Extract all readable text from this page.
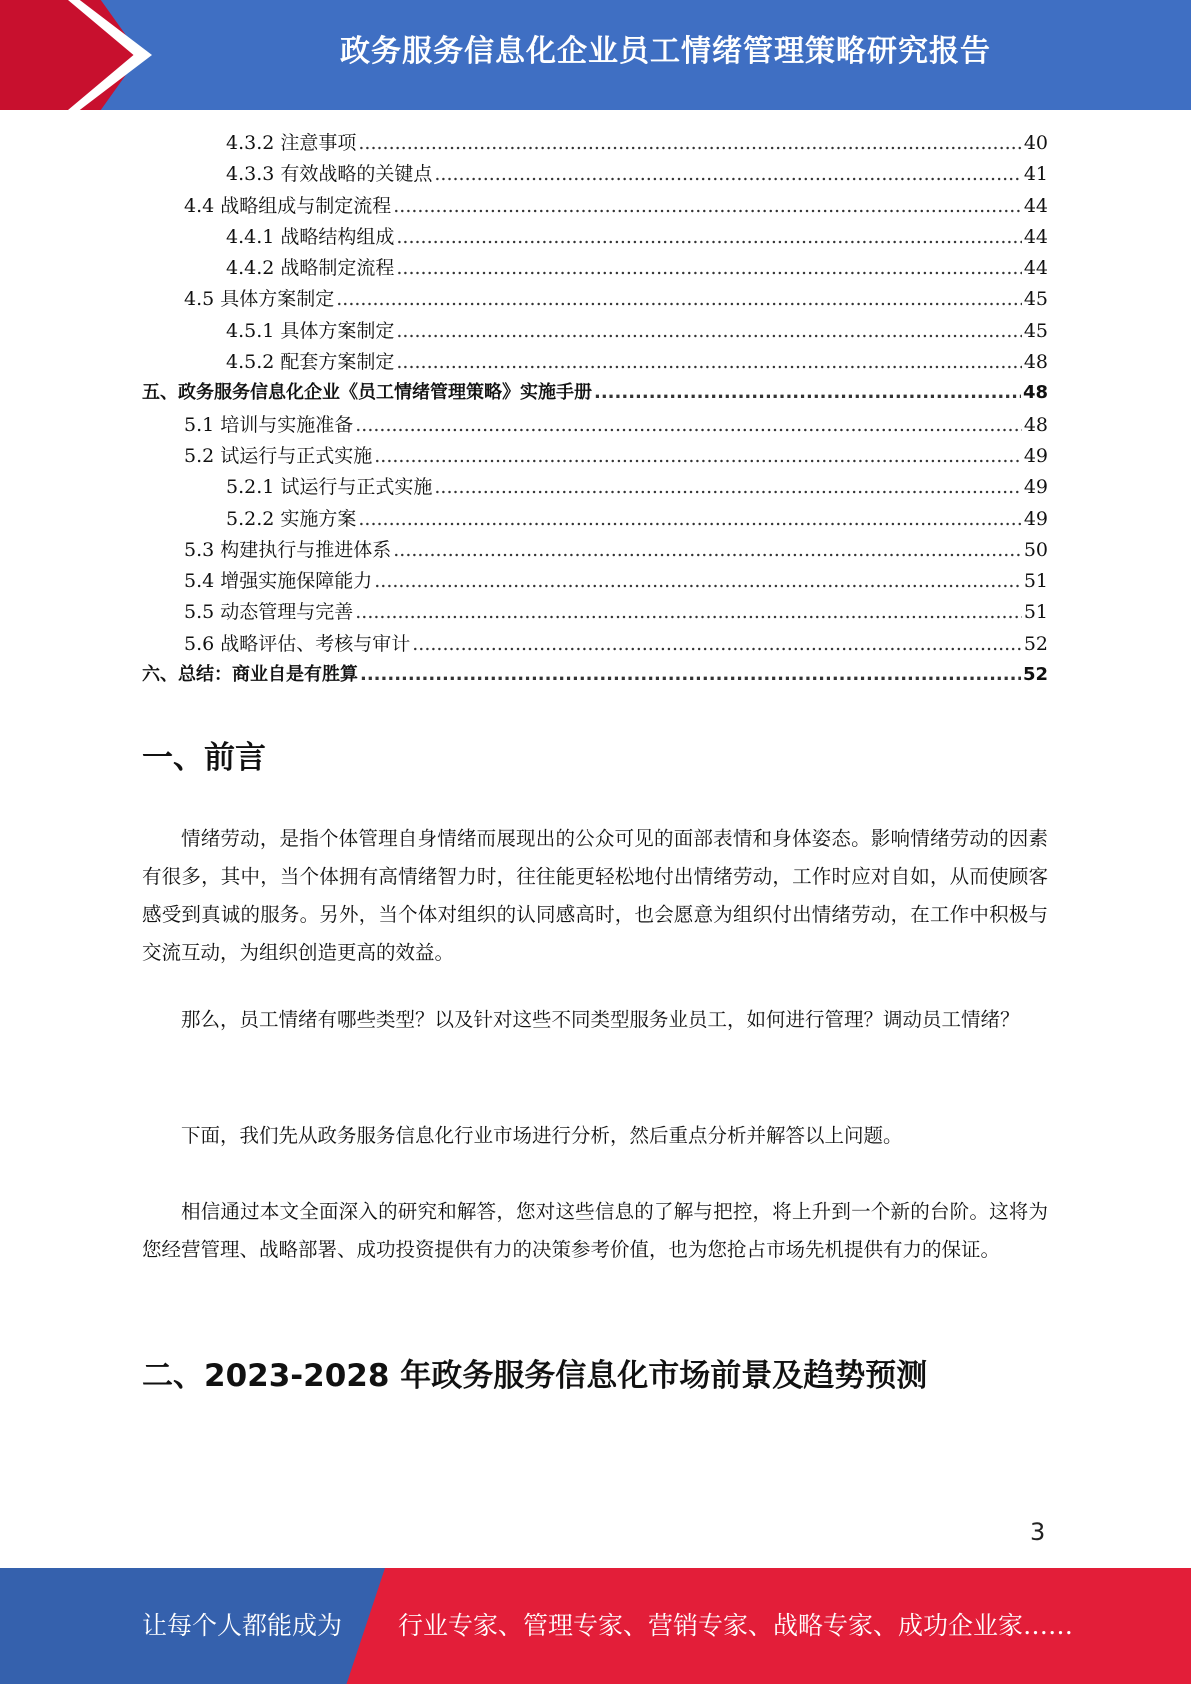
政务服务信息化企业员工情绪管理策略研究报告
4.3.2 注意事项 .....	40
4.3.3 有效战略的关键点 .....	41
4.4 战略组成与制定流程 .....	44
4.4.1 战略结构组成 .....	44
4.4.2 战略制定流程 .....	44
4.5 具体方案制定 .....	45
4.5.1 具体方案制定 .....	45
4.5.2 配套方案制定 .....	48
五、政务服务信息化企业《员工情绪管理策略》实施手册 .....	48
5.1 培训与实施准备 .....	48
5.2 试运行与正式实施 .....	49
5.2.1 试运行与正式实施 .....	49
5.2.2 实施方案 .....	49
5.3 构建执行与推进体系 .....	50
5.4 增强实施保障能力 .....	51
5.5 动态管理与完善 .....	51
5.6 战略评估、考核与审计 .....	52
六、总结：商业自是有胜算 .....	52
一、前言

情绪劳动，是指个体管理自身情绪而展现出的公众可见的面部表情和身体姿态。影响情绪劳动的因素有很多，其中，当个体拥有高情绪智力时，往往能更轻松地付出情绪劳动，工作时应对自如，从而使顾客感受到真诚的服务。另外，当个体对组织的认同感高时，也会愿意为组织付出情绪劳动，在工作中积极与交流互动，为组织创造更高的效益。

那么，员工情绪有哪些类型？以及针对这些不同类型服务业员工，如何进行管理？调动员工情绪？

下面，我们先从政务服务信息化行业市场进行分析，然后重点分析并解答以上问题。

相信通过本文全面深入的研究和解答，您对这些信息的了解与把控，将上升到一个新的台阶。这将为您经营管理、战略部署、成功投资提供有力的决策参考价值，也为您抢占市场先机提供有力的保证。

二、2023-2028 年政务服务信息化市场前景及趋势预测
3
让每个人都能成为 行业专家、管理专家、营销专家、战略专家、成功企业家……
